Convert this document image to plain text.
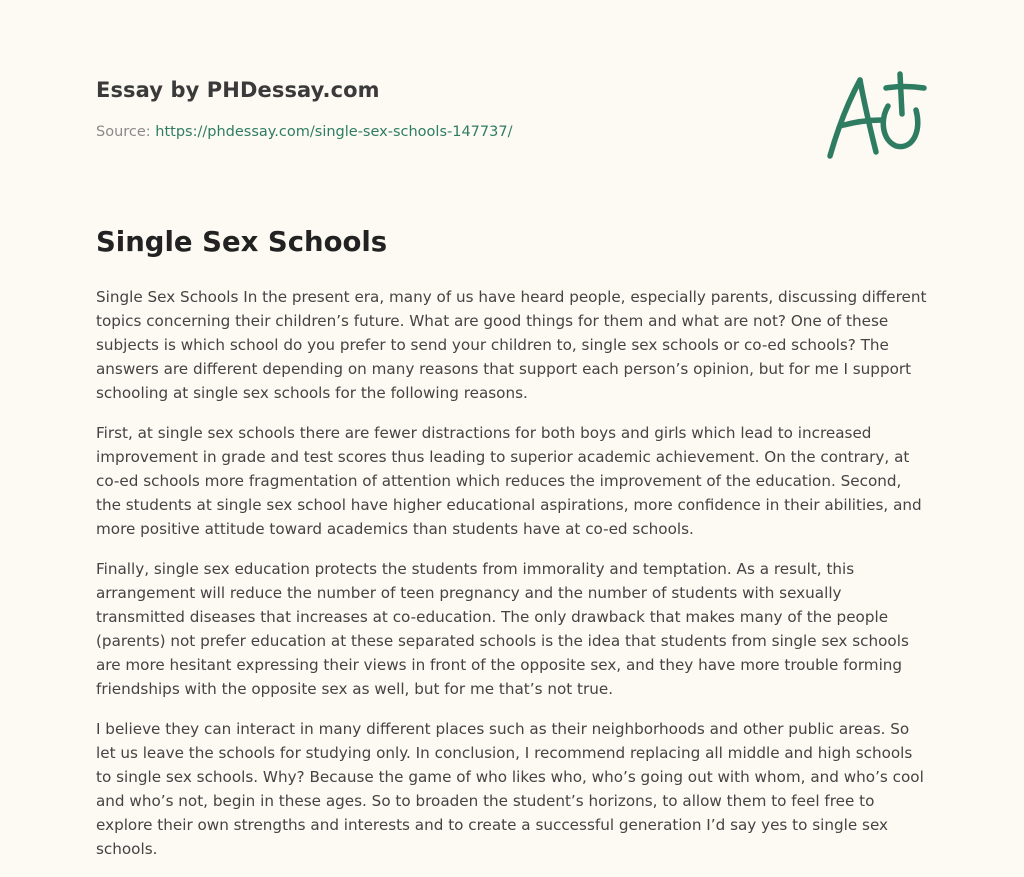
Essay by PHDessay.com
Source: https://phdessay.com/single-sex-schools-147737/
Single Sex Schools

Single Sex Schools In the present era, many of us have heard people, especially parents, discussing different topics concerning their children’s future. What are good things for them and what are not? One of these subjects is which school do you prefer to send your children to, single sex schools or co-ed schools? The answers are different depending on many reasons that support each person’s opinion, but for me I support schooling at single sex schools for the following reasons.

First, at single sex schools there are fewer distractions for both boys and girls which lead to increased improvement in grade and test scores thus leading to superior academic achievement. On the contrary, at co-ed schools more fragmentation of attention which reduces the improvement of the education. Second, the students at single sex school have higher educational aspirations, more confidence in their abilities, and more positive attitude toward academics than students have at co-ed schools.

Finally, single sex education protects the students from immorality and temptation. As a result, this arrangement will reduce the number of teen pregnancy and the number of students with sexually transmitted diseases that increases at co-education. The only drawback that makes many of the people (parents) not prefer education at these separated schools is the idea that students from single sex schools are more hesitant expressing their views in front of the opposite sex, and they have more trouble forming friendships with the opposite sex as well, but for me that’s not true.

I believe they can interact in many different places such as their neighborhoods and other public areas. So let us leave the schools for studying only. In conclusion, I recommend replacing all middle and high schools to single sex schools. Why? Because the game of who likes who, who’s going out with whom, and who’s cool and who’s not, begin in these ages. So to broaden the student’s horizons, to allow them to feel free to explore their own strengths and interests and to create a successful generation I’d say yes to single sex schools.
